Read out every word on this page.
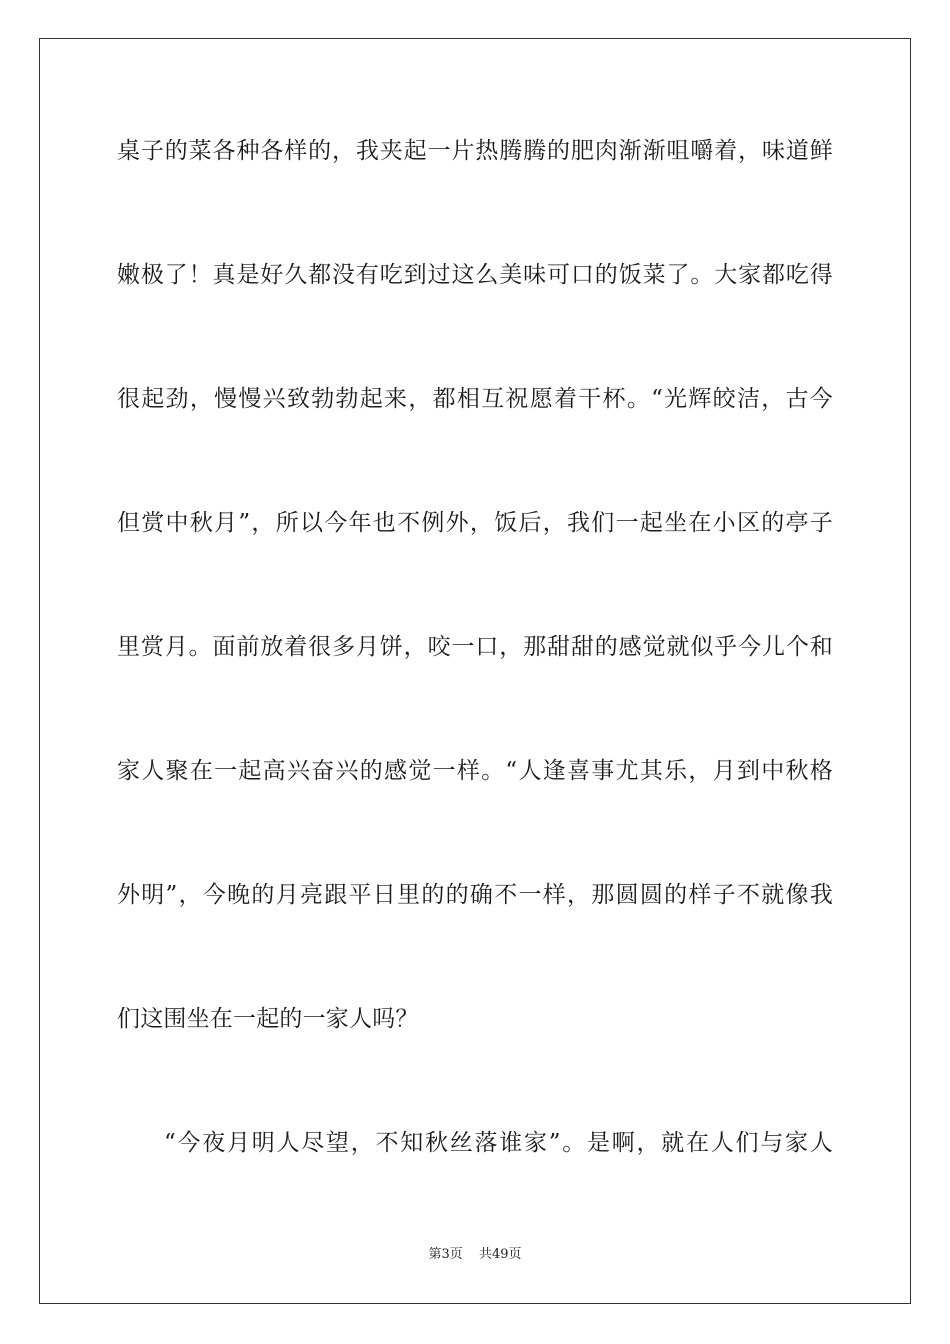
桌子的菜各种各样的，我夹起一片热腾腾的肥肉渐渐咀嚼着，味道鲜
嫩极了！真是好久都没有吃到过这么美味可口的饭菜了。大家都吃得
很起劲，慢慢兴致勃勃起来，都相互祝愿着干杯。“光辉皎洁，古今
但赏中秋月”，所以今年也不例外，饭后，我们一起坐在小区的亭子
里赏月。面前放着很多月饼，咬一口，那甜甜的感觉就似乎今儿个和
家人聚在一起高兴奋兴的感觉一样。“人逢喜事尤其乐，月到中秋格
外明”，今晚的月亮跟平日里的的确不一样，那圆圆的样子不就像我
们这围坐在一起的一家人吗？
“今夜月明人尽望，不知秋丝落谁家”。是啊，就在人们与家人
第3页 共49页
